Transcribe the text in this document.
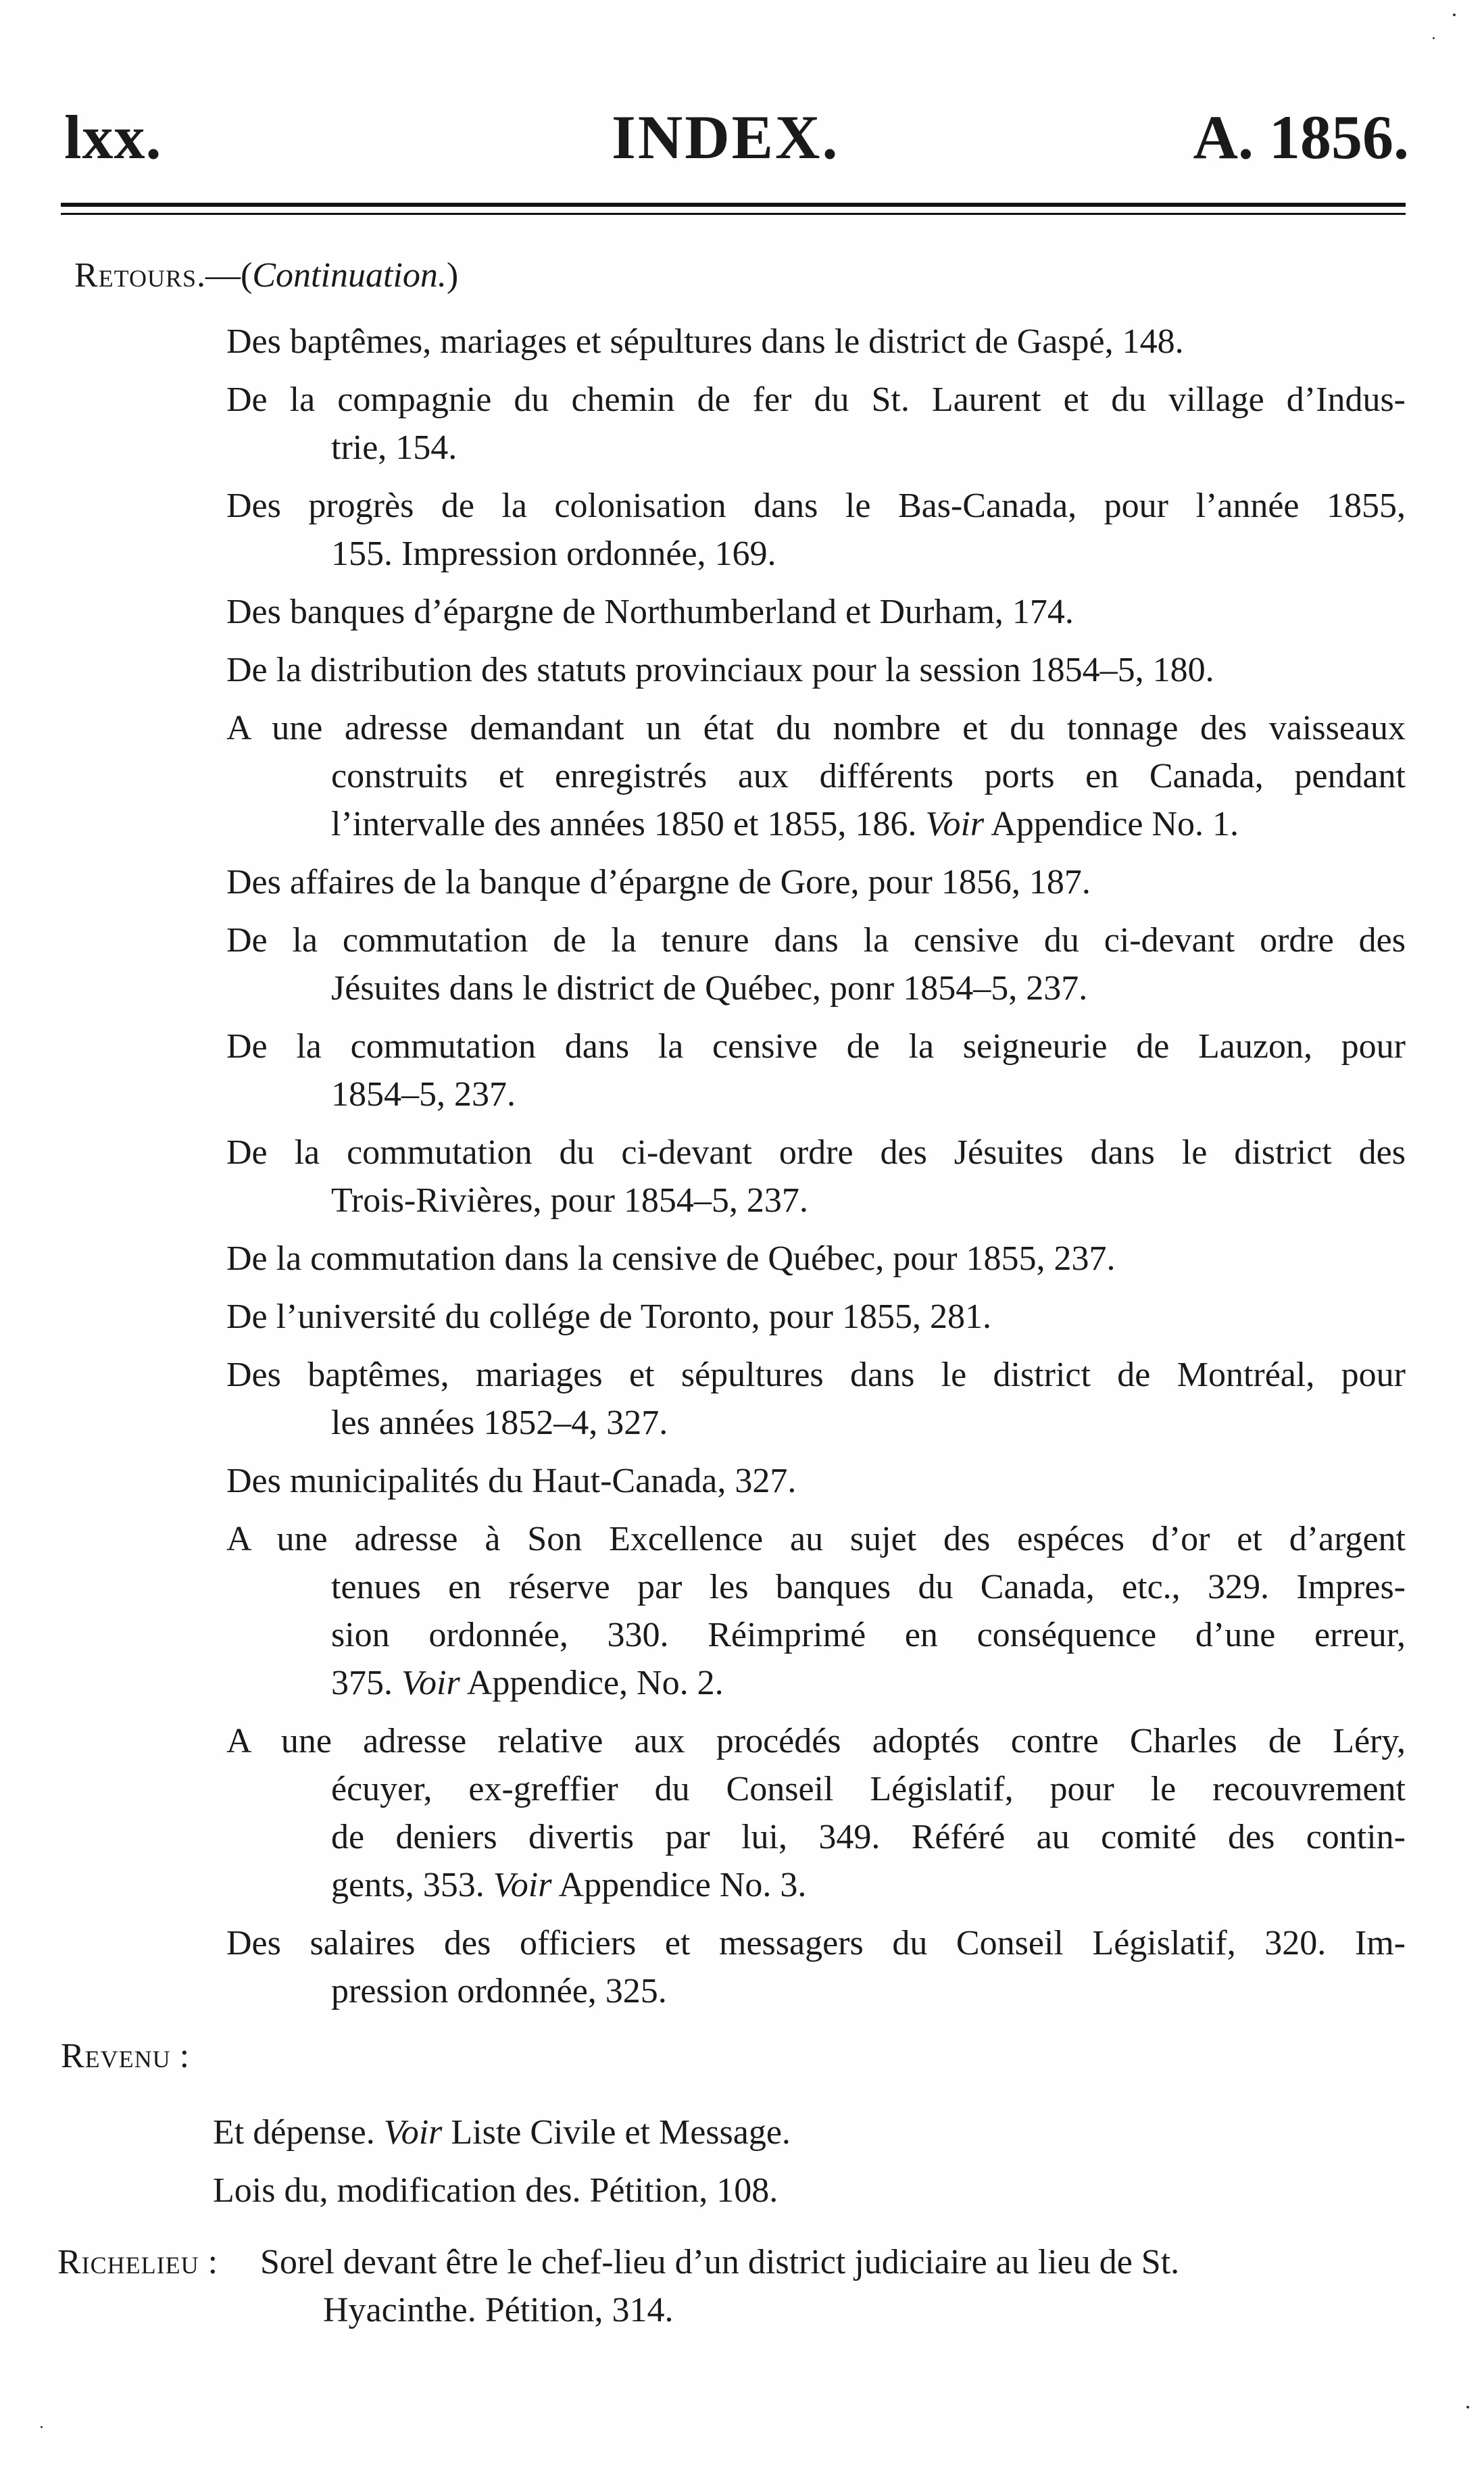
lxx.	INDEX.	A. 1856.
Retours.—(Continuation.)
Des baptêmes, mariages et sépultures dans le district de Gaspé, 148.
De la compagnie du chemin de fer du St. Laurent et du village d’Indus-
trie, 154.
Des progrès de la colonisation dans le Bas-Canada, pour l’année 1855,
155. Impression ordonnée, 169.
Des banques d’épargne de Northumberland et Durham, 174.
De la distribution des statuts provinciaux pour la session 1854–5, 180.
A une adresse demandant un état du nombre et du tonnage des vaisseaux
construits et enregistrés aux différents ports en Canada, pendant
l’intervalle des années 1850 et 1855, 186. Voir Appendice No. 1.
Des affaires de la banque d’épargne de Gore, pour 1856, 187.
De la commutation de la tenure dans la censive du ci-devant ordre des
Jésuites dans le district de Québec, ponr 1854–5, 237.
De la commutation dans la censive de la seigneurie de Lauzon, pour
1854–5, 237.
De la commutation du ci-devant ordre des Jésuites dans le district des
Trois-Rivières, pour 1854–5, 237.
De la commutation dans la censive de Québec, pour 1855, 237.
De l’université du collége de Toronto, pour 1855, 281.
Des baptêmes, mariages et sépultures dans le district de Montréal, pour
les années 1852–4, 327.
Des municipalités du Haut-Canada, 327.
A une adresse à Son Excellence au sujet des espéces d’or et d’argent
tenues en réserve par les banques du Canada, etc., 329. Impres-
sion ordonnée, 330. Réimprimé en conséquence d’une erreur,
375. Voir Appendice, No. 2.
A une adresse relative aux procédés adoptés contre Charles de Léry,
écuyer, ex-greffier du Conseil Législatif, pour le recouvrement
de deniers divertis par lui, 349. Référé au comité des contin-
gents, 353. Voir Appendice No. 3.
Des salaires des officiers et messagers du Conseil Législatif, 320. Im-
pression ordonnée, 325.
Revenu :
Et dépense. Voir Liste Civile et Message.
Lois du, modification des. Pétition, 108.
Richelieu : Sorel devant être le chef-lieu d’un district judiciaire au lieu de St.
Hyacinthe. Pétition, 314.
